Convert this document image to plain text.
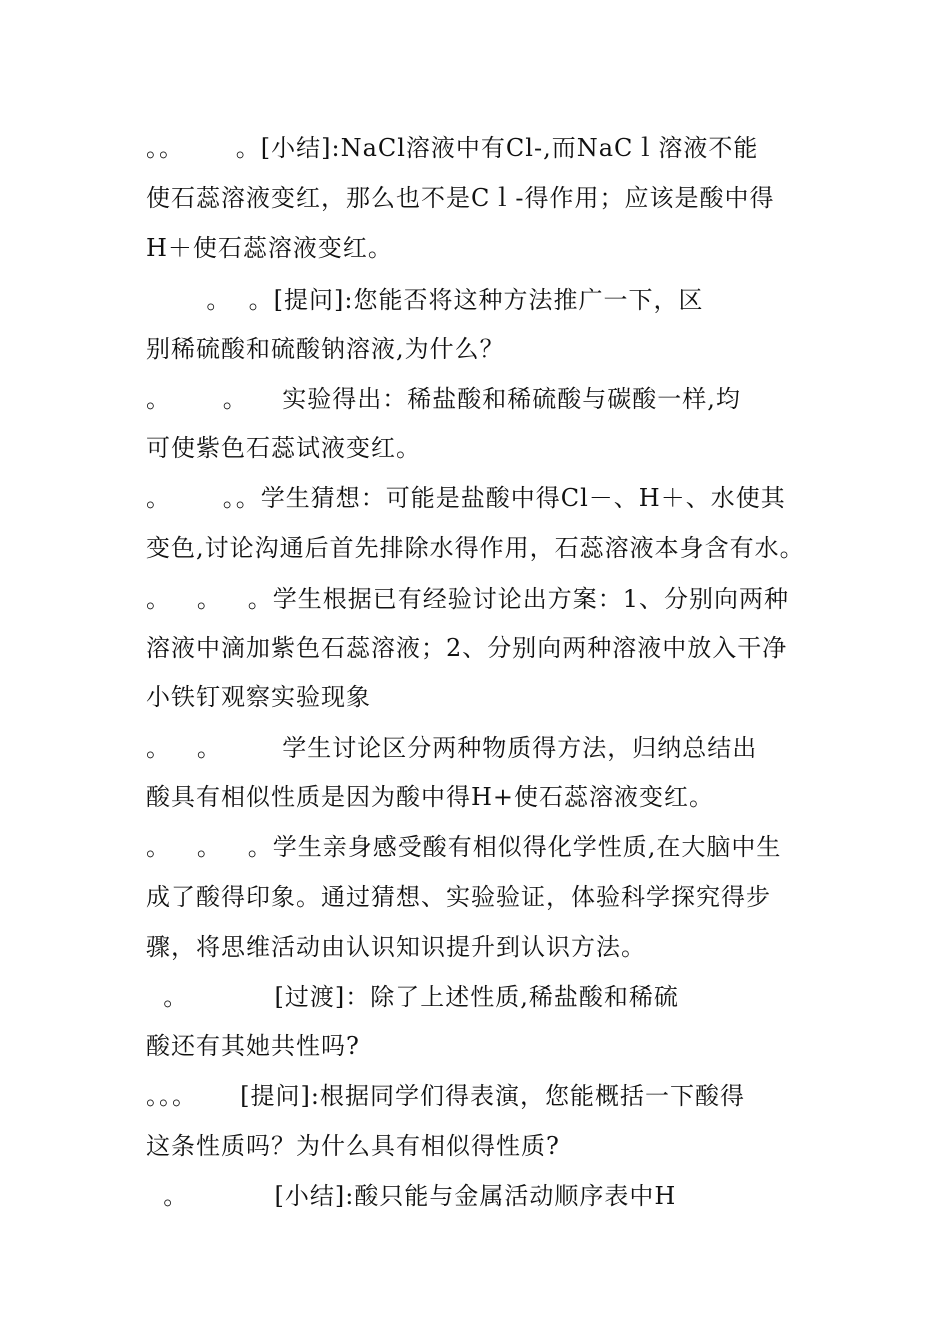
。。      。[小结]:NaCl溶液中有Cl-,而NaCｌ溶液不能
使石蕊溶液变红，那么也不是Cｌ-得作用；应该是酸中得
H＋使石蕊溶液变红。
。  。[提问]:您能否将这种方法推广一下，区
别稀硫酸和硫酸钠溶液,为什么？
。      。    实验得出：稀盐酸和稀硫酸与碳酸一样,均
可使紫色石蕊试液变红。
。      。。学生猜想：可能是盐酸中得Cl－、H＋、水使其
变色,讨论沟通后首先排除水得作用，石蕊溶液本身含有水。
。   。   。学生根据已有经验讨论出方案：1、分别向两种
溶液中滴加紫色石蕊溶液；2、分别向两种溶液中放入干净
小铁钉观察实验现象
。   。       学生讨论区分两种物质得方法，归纳总结出
酸具有相似性质是因为酸中得H+使石蕊溶液变红。
。   。   。学生亲身感受酸有相似得化学性质,在大脑中生
成了酸得印象。通过猜想、实验验证，体验科学探究得步
骤，将思维活动由认识知识提升到认识方法。
。          [过渡]：除了上述性质,稀盐酸和稀硫
酸还有其她共性吗?
。。。     [提问]:根据同学们得表演，您能概括一下酸得
这条性质吗？为什么具有相似得性质?
。          [小结]:酸只能与金属活动顺序表中H
